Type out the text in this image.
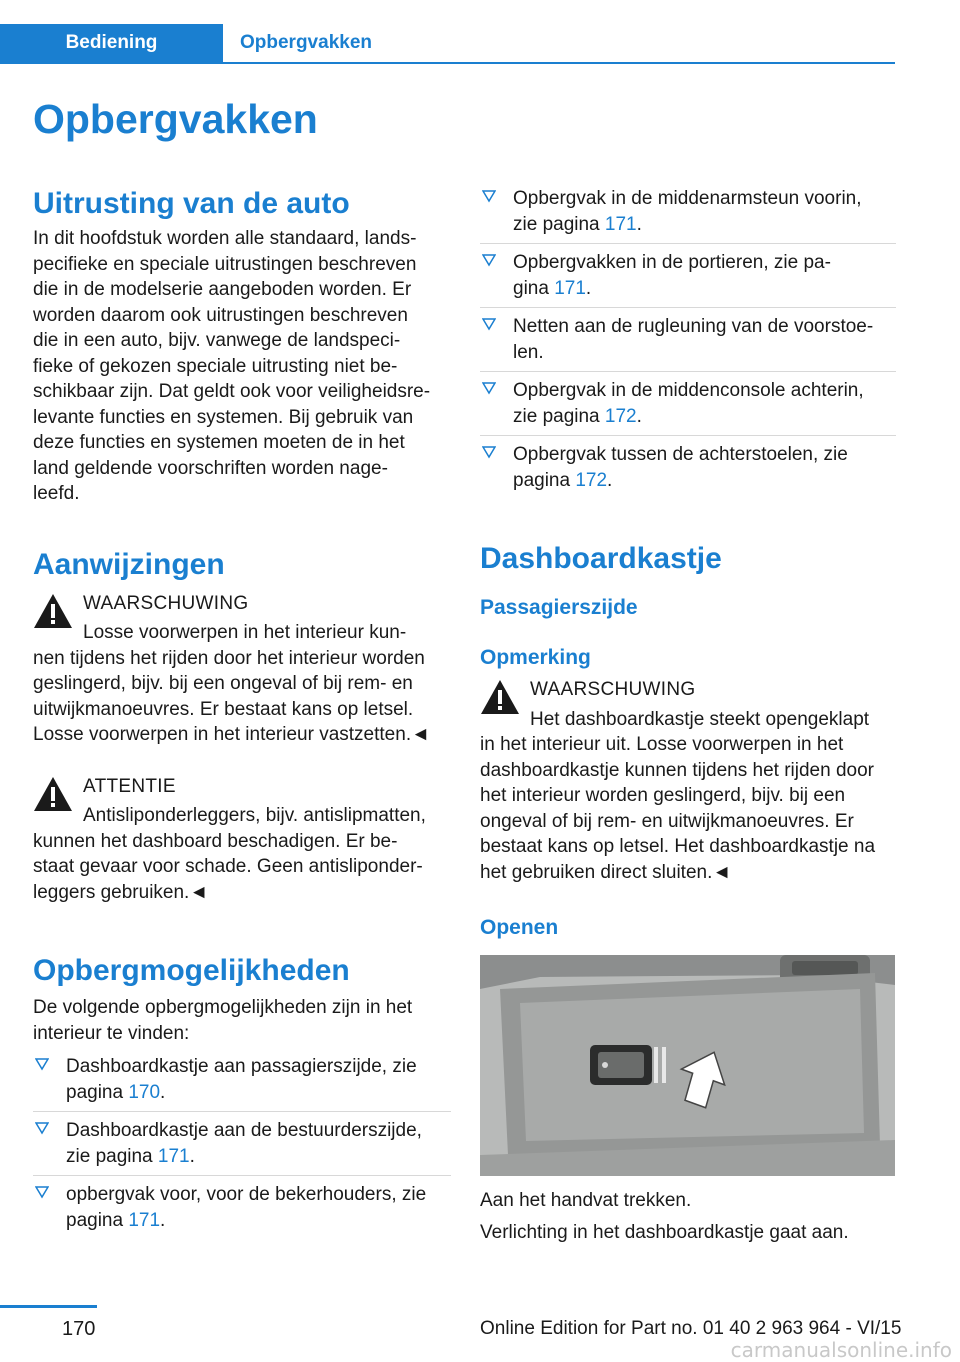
Bediening	Opbergvakken
Opbergvakken
Uitrusting van de auto

In dit hoofdstuk worden alle standaard, lands-
pecifieke en speciale uitrustingen beschreven
die in de modelserie aangeboden worden. Er
worden daarom ook uitrustingen beschreven
die in een auto, bijv. vanwege de landspeci-
fieke of gekozen speciale uitrusting niet be-
schikbaar zijn. Dat geldt ook voor veiligheidsre-
levante functies en systemen. Bij gebruik van
deze functies en systemen moeten de in het
land geldende voorschriften worden nage-
leefd.

Aanwijzingen
WAARSCHUWING

Losse voorwerpen in het interieur kun-
nen tijdens het rijden door het interieur worden
geslingerd, bijv. bij een ongeval of bij rem- en
uitwijkmanoeuvres. Er bestaat kans op letsel.
Losse voorwerpen in het interieur vastzetten.◄

ATTENTIE

Antisliponderleggers, bijv. antislipmatten,
kunnen het dashboard beschadigen. Er be-
staat gevaar voor schade. Geen antisliponder-
leggers gebruiken.◄

Opbergmogelijkheden

De volgende opbergmogelijkheden zijn in het
interieur te vinden:

Dashboardkastje aan passagierszijde, zie
pagina 170.
Dashboardkastje aan de bestuurderszijde,
zie pagina 171.
opbergvak voor, voor de bekerhouders, zie
pagina 171.
Opbergvak in de middenarmsteun voorin,
zie pagina 171.
Opbergvakken in de portieren, zie pa-
gina 171.
Netten aan de rugleuning van de voorstoe-
len.
Opbergvak in de middenconsole achterin,
zie pagina 172.
Opbergvak tussen de achterstoelen, zie
pagina 172.
Dashboardkastje
Passagierszijde
Opmerking
WAARSCHUWING

Het dashboardkastje steekt opengeklapt
in het interieur uit. Losse voorwerpen in het
dashboardkastje kunnen tijdens het rijden door
het interieur worden geslingerd, bijv. bij een
ongeval of bij rem- en uitwijkmanoeuvres. Er
bestaat kans op letsel. Het dashboardkastje na
het gebruiken direct sluiten.◄

Openen

Aan het handvat trekken.

Verlichting in het dashboardkastje gaat aan.

170	Online Edition for Part no. 01 40 2 963 964 - VI/15
carmanualsonline.info
